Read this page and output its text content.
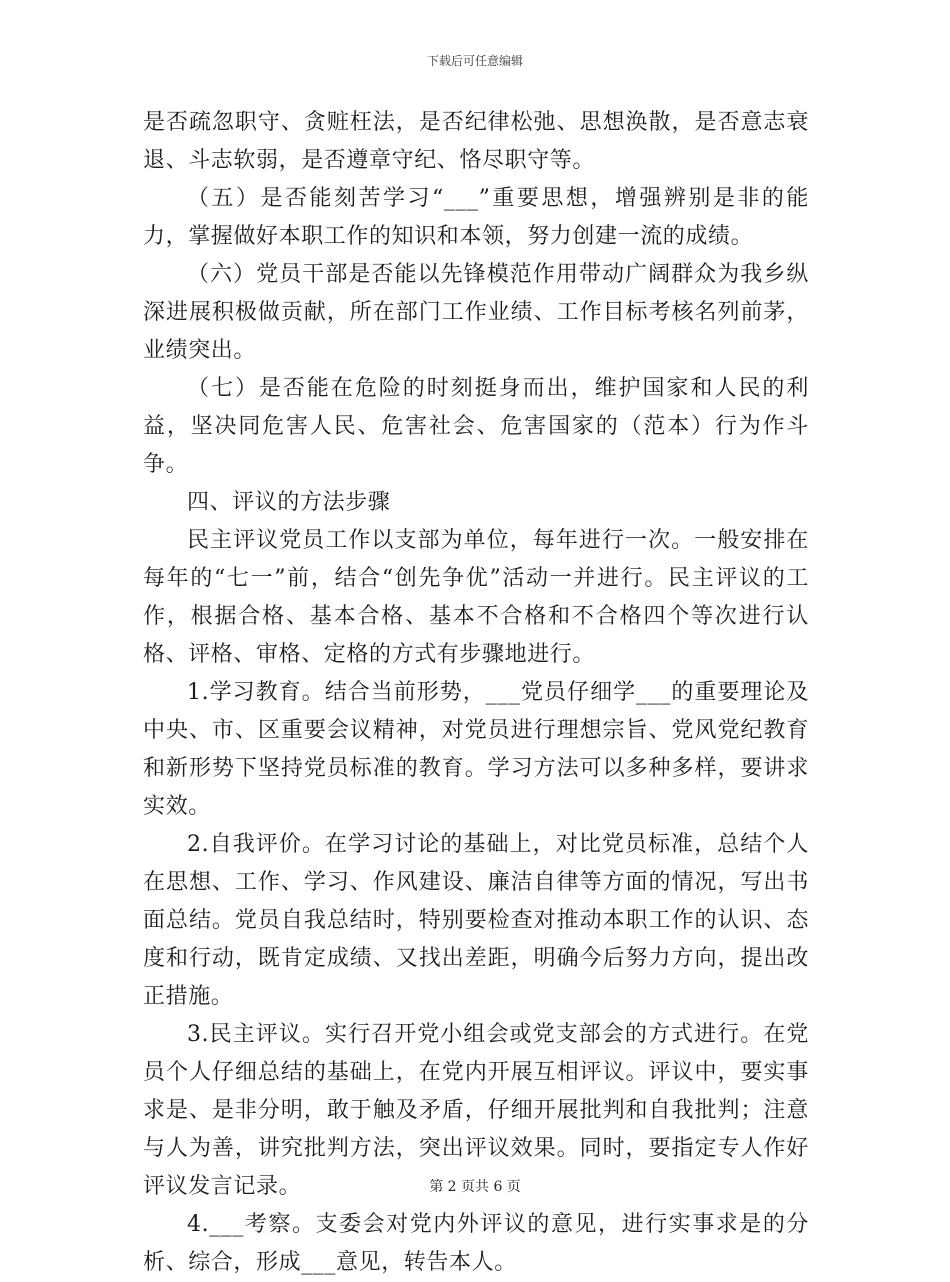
下载后可任意编辑

是否疏忽职守、贪赃枉法，是否纪律松弛、思想涣散，是否意志衰退、斗志软弱，是否遵章守纪、恪尽职守等。

（五）是否能刻苦学习“___”重要思想，增强辨别是非的能力，掌握做好本职工作的知识和本领，努力创建一流的成绩。

（六）党员干部是否能以先锋模范作用带动广阔群众为我乡纵深进展积极做贡献，所在部门工作业绩、工作目标考核名列前茅，业绩突出。

（七）是否能在危险的时刻挺身而出，维护国家和人民的利益，坚决同危害人民、危害社会、危害国家的（范本）行为作斗争。

四、评议的方法步骤

民主评议党员工作以支部为单位，每年进行一次。一般安排在每年的“七一”前，结合“创先争优”活动一并进行。民主评议的工作，根据合格、基本合格、基本不合格和不合格四个等次进行认格、评格、审格、定格的方式有步骤地进行。

1.学习教育。结合当前形势，___党员仔细学___的重要理论及中央、市、区重要会议精神，对党员进行理想宗旨、党风党纪教育和新形势下坚持党员标准的教育。学习方法可以多种多样，要讲求实效。

2.自我评价。在学习讨论的基础上，对比党员标准，总结个人在思想、工作、学习、作风建设、廉洁自律等方面的情况，写出书面总结。党员自我总结时，特别要检查对推动本职工作的认识、态度和行动，既肯定成绩、又找出差距，明确今后努力方向，提出改正措施。

3.民主评议。实行召开党小组会或党支部会的方式进行。在党员个人仔细总结的基础上，在党内开展互相评议。评议中，要实事求是、是非分明，敢于触及矛盾，仔细开展批判和自我批判；注意与人为善，讲究批判方法，突出评议效果。同时，要指定专人作好评议发言记录。

4.___考察。支委会对党内外评议的意见，进行实事求是的分析、综合，形成___意见，转告本人。

第 2 页共 6 页
